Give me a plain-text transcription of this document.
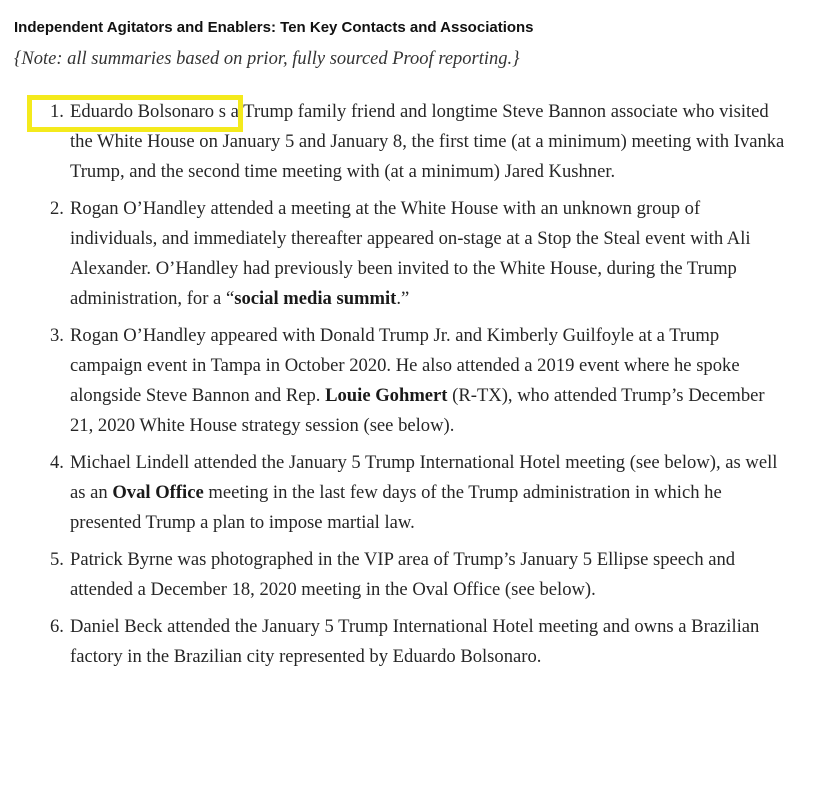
Independent Agitators and Enablers: Ten Key Contacts and Associations
{Note: all summaries based on prior, fully sourced Proof reporting.}
1. Eduardo Bolsonaro s a Trump family friend and longtime Steve Bannon associate who visited the White House on January 5 and January 8, the first time (at a minimum) meeting with Ivanka Trump, and the second time meeting with (at a minimum) Jared Kushner.
2. Rogan O’Handley attended a meeting at the White House with an unknown group of individuals, and immediately thereafter appeared on-stage at a Stop the Steal event with Ali Alexander. O’Handley had previously been invited to the White House, during the Trump administration, for a “social media summit.”
3. Rogan O’Handley appeared with Donald Trump Jr. and Kimberly Guilfoyle at a Trump campaign event in Tampa in October 2020. He also attended a 2019 event where he spoke alongside Steve Bannon and Rep. Louie Gohmert (R-TX), who attended Trump’s December 21, 2020 White House strategy session (see below).
4. Michael Lindell attended the January 5 Trump International Hotel meeting (see below), as well as an Oval Office meeting in the last few days of the Trump administration in which he presented Trump a plan to impose martial law.
5. Patrick Byrne was photographed in the VIP area of Trump’s January 5 Ellipse speech and attended a December 18, 2020 meeting in the Oval Office (see below).
6. Daniel Beck attended the January 5 Trump International Hotel meeting and owns a Brazilian factory in the Brazilian city represented by Eduardo Bolsonaro.
